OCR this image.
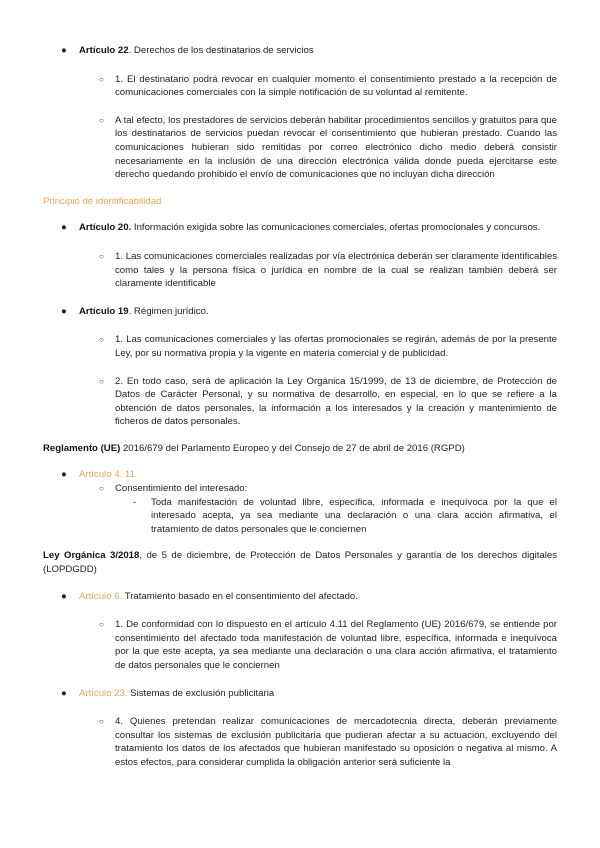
● Artículo 22. Derechos de los destinatarios de servicios
○ 1. El destinatario podrá revocar en cualquier momento el consentimiento prestado a la recepción de comunicaciones comerciales con la simple notificación de su voluntad al remitente.
○ A tal efecto, los prestadores de servicios deberán habilitar procedimientos sencillos y gratuitos para que los destinatarios de servicios puedan revocar el consentimiento que hubieran prestado. Cuando las comunicaciones hubieran sido remitidas por correo electrónico dicho medio deberá consistir necesariamente en la inclusión de una dirección electrónica válida donde pueda ejercitarse este derecho quedando prohibido el envío de comunicaciones que no incluyan dicha dirección
Principio de identificabilidad
● Artículo 20. Información exigida sobre las comunicaciones comerciales, ofertas promocionales y concursos.
○ 1. Las comunicaciones comerciales realizadas por vía electrónica deberán ser claramente identificables como tales y la persona física o jurídica en nombre de la cual se realizan también deberá ser claramente identificable
● Artículo 19. Régimen jurídico.
○ 1. Las comunicaciones comerciales y las ofertas promocionales se regirán, además de por la presente Ley, por su normativa propia y la vigente en materia comercial y de publicidad.
○ 2. En todo caso, será de aplicación la Ley Orgánica 15/1999, de 13 de diciembre, de Protección de Datos de Carácter Personal, y su normativa de desarrollo, en especial, en lo que se refiere a la obtención de datos personales, la información a los interesados y la creación y mantenimiento de ficheros de datos personales.
Reglamento (UE) 2016/679 del Parlamento Europeo y del Consejo de 27 de abril de 2016 (RGPD)
● Artículo 4. 11
○ Consentimiento del interesado:
- Toda manifestación de voluntad libre, específica, informada e inequívoca por la que el interesado acepta, ya sea mediante una declaración o una clara acción afirmativa, el tratamiento de datos personales que le conciernen
Ley Orgánica 3/2018, de 5 de diciembre, de Protección de Datos Personales y garantía de los derechos digitales (LOPDGDD)
● Artículo 6. Tratamiento basado en el consentimiento del afectado.
○ 1. De conformidad con lo dispuesto en el artículo 4.11 del Reglamento (UE) 2016/679, se entiende por consentimiento del afectado toda manifestación de voluntad libre, específica, informada e inequívoca por la que este acepta, ya sea mediante una declaración o una clara acción afirmativa, el tratamiento de datos personales que le conciernen
● Artículo 23. Sistemas de exclusión publicitaria
○ 4. Quienes pretendan realizar comunicaciones de mercadotecnia directa, deberán previamente consultar los sistemas de exclusión publicitaria que pudieran afectar a su actuación, excluyendo del tratamiento los datos de los afectados que hubieran manifestado su oposición o negativa al mismo. A estos efectos, para considerar cumplida la obligación anterior será suficiente la
